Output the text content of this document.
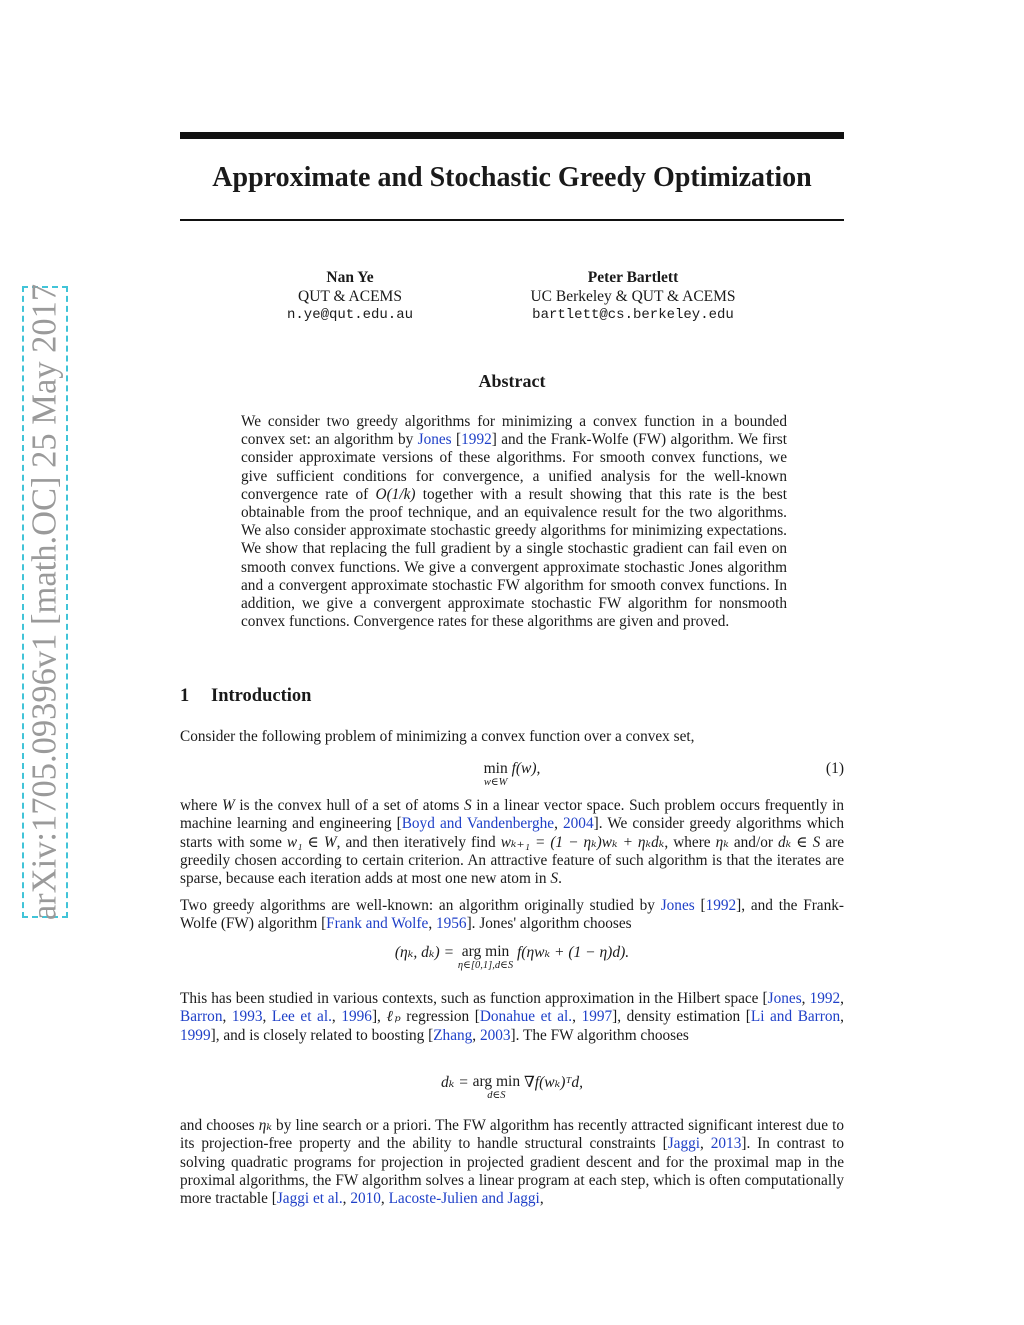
arXiv:1705.09396v1 [math.OC] 25 May 2017
Approximate and Stochastic Greedy Optimization
Nan Ye
QUT & ACEMS
n.ye@qut.edu.au
Peter Bartlett
UC Berkeley & QUT & ACEMS
bartlett@cs.berkeley.edu
Abstract
We consider two greedy algorithms for minimizing a convex function in a bounded convex set: an algorithm by Jones [1992] and the Frank-Wolfe (FW) algorithm. We first consider approximate versions of these algorithms. For smooth convex functions, we give sufficient conditions for convergence, a unified analysis for the well-known convergence rate of O(1/k) together with a result showing that this rate is the best obtainable from the proof technique, and an equivalence result for the two algorithms. We also consider approximate stochastic greedy algorithms for minimizing expectations. We show that replacing the full gradient by a single stochastic gradient can fail even on smooth convex functions. We give a convergent approximate stochastic Jones algorithm and a convergent approximate stochastic FW algorithm for smooth convex functions. In addition, we give a convergent approximate stochastic FW algorithm for nonsmooth convex functions. Convergence rates for these algorithms are given and proved.
1 Introduction
Consider the following problem of minimizing a convex function over a convex set,
min
w∈W
f(w),	(1)
where W is the convex hull of a set of atoms S in a linear vector space. Such problem occurs frequently in machine learning and engineering [Boyd and Vandenberghe, 2004]. We consider greedy algorithms which starts with some w₁ ∈ W, and then iteratively find wₖ₊₁ = (1 − ηₖ)wₖ + ηₖdₖ, where ηₖ and/or dₖ ∈ S are greedily chosen according to certain criterion. An attractive feature of such algorithm is that the iterates are sparse, because each iteration adds at most one new atom in S.
Two greedy algorithms are well-known: an algorithm originally studied by Jones [1992], and the Frank-Wolfe (FW) algorithm [Frank and Wolfe, 1956]. Jones' algorithm chooses
(ηₖ, dₖ) = arg min
η∈[0,1],d∈S
f(ηwₖ + (1 − η)d).
This has been studied in various contexts, such as function approximation in the Hilbert space [Jones, 1992, Barron, 1993, Lee et al., 1996], ℓₚ regression [Donahue et al., 1997], density estimation [Li and Barron, 1999], and is closely related to boosting [Zhang, 2003]. The FW algorithm chooses
dₖ = arg min
d∈S
∇f(wₖ)ᵀd,
and chooses ηₖ by line search or a priori. The FW algorithm has recently attracted significant interest due to its projection-free property and the ability to handle structural constraints [Jaggi, 2013]. In contrast to solving quadratic programs for projection in projected gradient descent and for the proximal map in the proximal algorithms, the FW algorithm solves a linear program at each step, which is often computationally more tractable [Jaggi et al., 2010, Lacoste-Julien and Jaggi,
